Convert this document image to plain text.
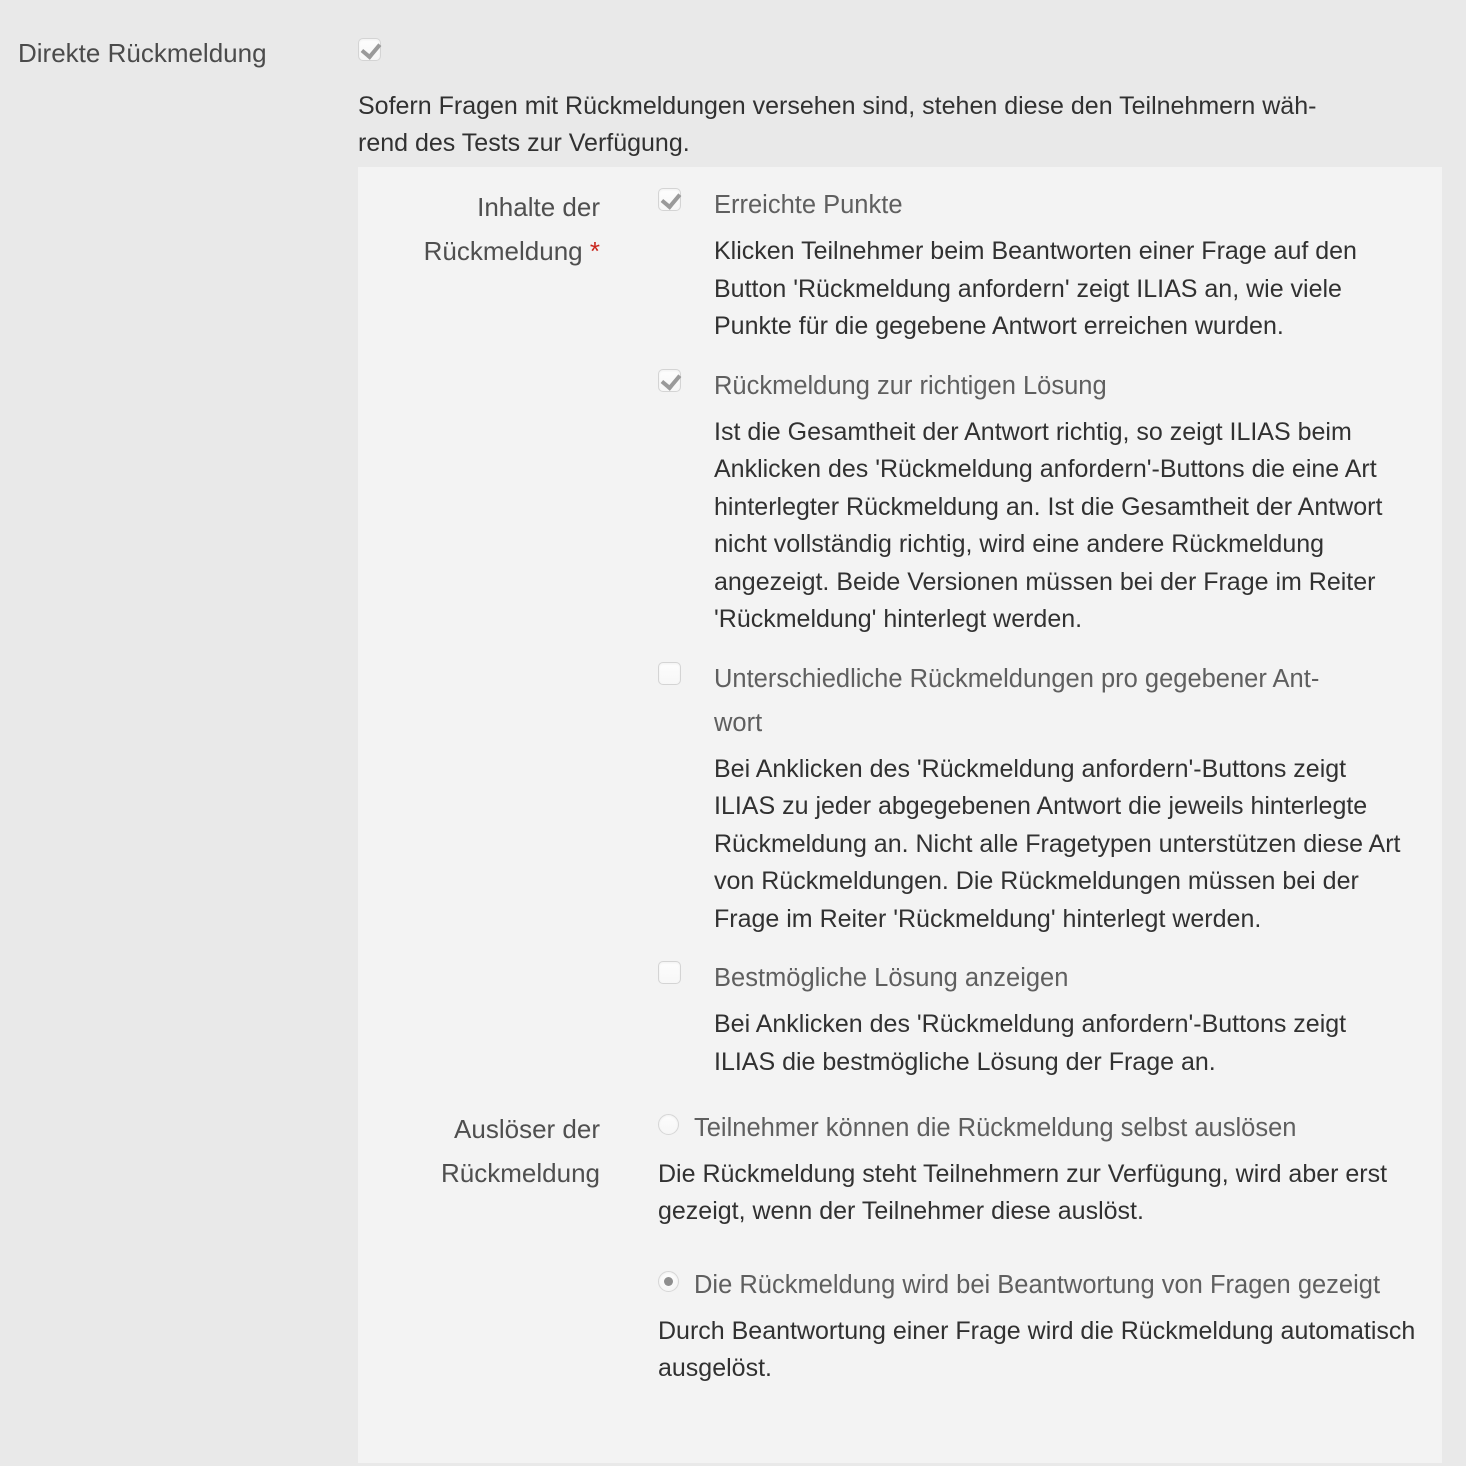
Direkte Rückmeldung
Sofern Fragen mit Rückmeldungen versehen sind, stehen diese den Teilnehmern während des Tests zur Verfügung.
Inhalte der Rückmeldung *
Erreichte Punkte
Klicken Teilnehmer beim Beantworten einer Frage auf den Button 'Rückmeldung anfordern' zeigt ILIAS an, wie viele Punkte für die gegebene Antwort erreichen wurden.
Rückmeldung zur richtigen Lösung
Ist die Gesamtheit der Antwort richtig, so zeigt ILIAS beim Anklicken des 'Rückmeldung anfordern'-Buttons die eine Art hinterlegter Rückmeldung an. Ist die Gesamtheit der Antwort nicht vollständig richtig, wird eine andere Rückmeldung angezeigt. Beide Versionen müssen bei der Frage im Reiter 'Rückmeldung' hinterlegt werden.
Unterschiedliche Rückmeldungen pro gegebener Antwort
Bei Anklicken des 'Rückmeldung anfordern'-Buttons zeigt ILIAS zu jeder abgegebenen Antwort die jeweils hinterlegte Rückmeldung an. Nicht alle Fragetypen unterstützen diese Art von Rückmeldungen. Die Rückmeldungen müssen bei der Frage im Reiter 'Rückmeldung' hinterlegt werden.
Bestmögliche Lösung anzeigen
Bei Anklicken des 'Rückmeldung anfordern'-Buttons zeigt ILIAS die bestmögliche Lösung der Frage an.
Auslöser der Rückmeldung
Teilnehmer können die Rückmeldung selbst auslösen
Die Rückmeldung steht Teilnehmern zur Verfügung, wird aber erst gezeigt, wenn der Teilnehmer diese auslöst.
Die Rückmeldung wird bei Beantwortung von Fragen gezeigt
Durch Beantwortung einer Frage wird die Rückmeldung automatisch ausgelöst.
